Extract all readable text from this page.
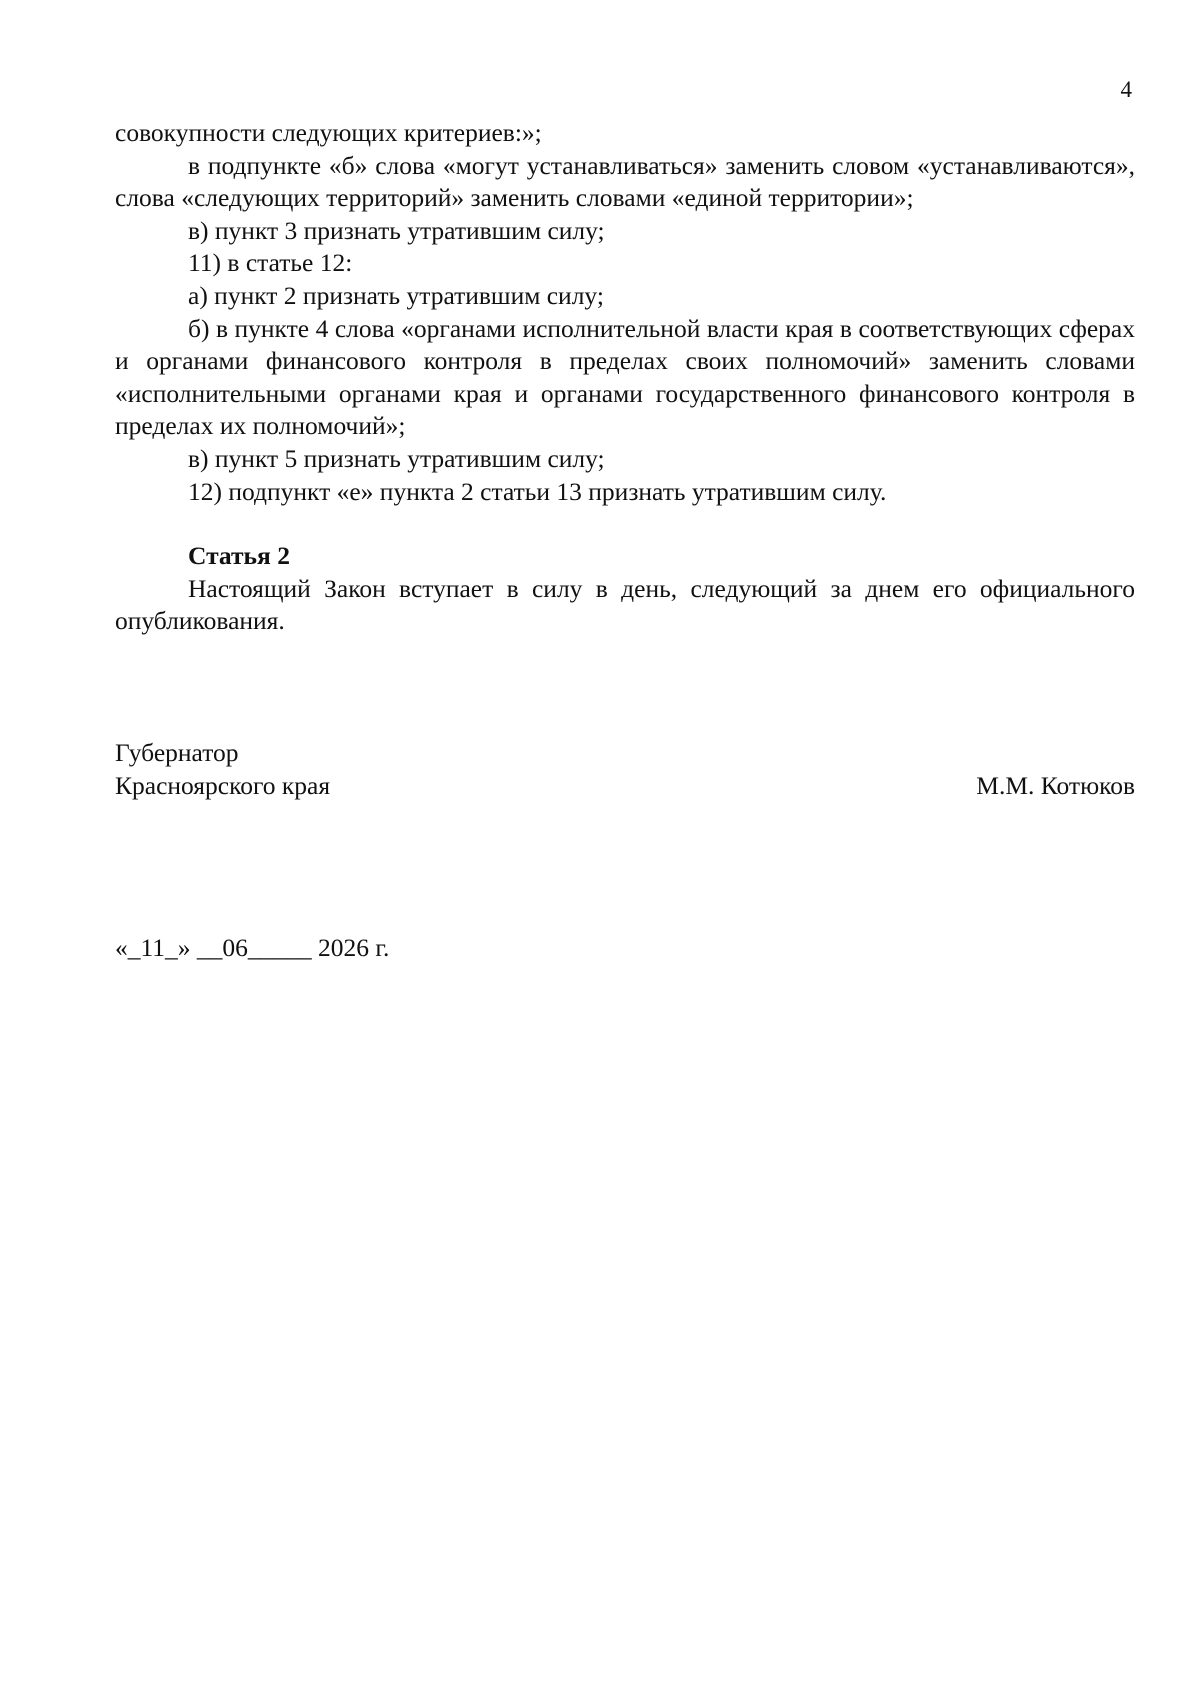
4

совокупности следующих критериев:»;

в подпункте «б» слова «могут устанавливаться» заменить словом «устанавливаются», слова «следующих территорий» заменить словами «единой территории»;

в) пункт 3 признать утратившим силу;

11) в статье 12:

а) пункт 2 признать утратившим силу;

б) в пункте 4 слова «органами исполнительной власти края в соответствующих сферах и органами финансового контроля в пределах своих полномочий» заменить словами «исполнительными органами края и органами государственного финансового контроля в пределах их полномочий»;

в) пункт 5 признать утратившим силу;

12) подпункт «е» пункта 2 статьи 13 признать утратившим силу.

Статья 2

Настоящий Закон вступает в силу в день, следующий за днем его официального опубликования.

Губернатор
Красноярского края	М.М. Котюков
«_11_» __06_____ 2026 г.
